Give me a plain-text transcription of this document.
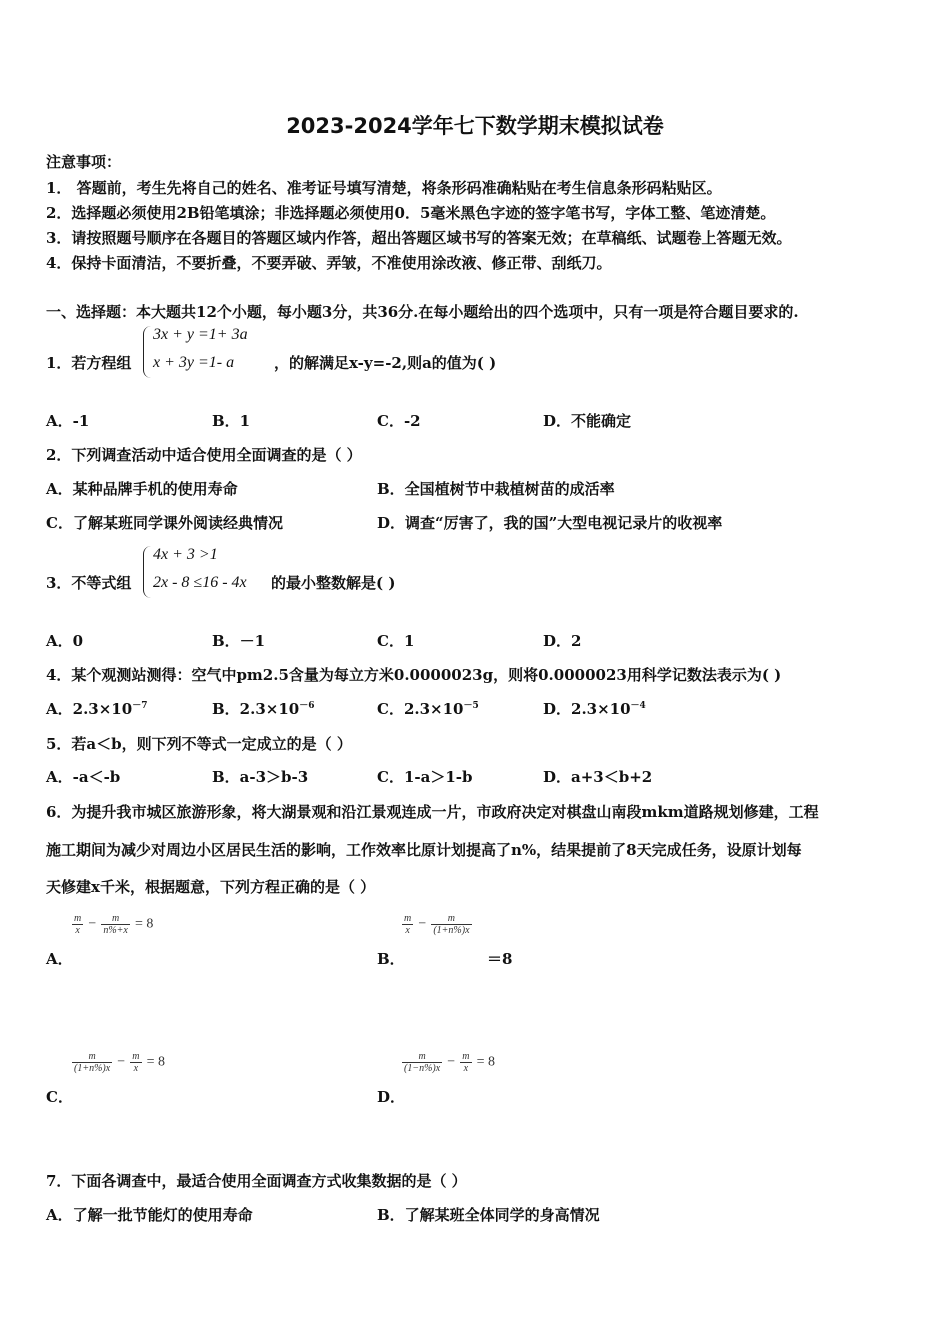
2023-2024学年七下数学期末模拟试卷
注意事项：
1． 答题前，考生先将自己的姓名、准考证号填写清楚，将条形码准确粘贴在考生信息条形码粘贴区。
2．选择题必须使用2B铅笔填涂；非选择题必须使用0．5毫米黑色字迹的签字笔书写，字体工整、笔迹清楚。
3．请按照题号顺序在各题目的答题区域内作答，超出答题区域书写的答案无效；在草稿纸、试题卷上答题无效。
4．保持卡面清洁，不要折叠，不要弄破、弄皱，不准使用涂改液、修正带、刮纸刀。
一、选择题：本大题共12个小题，每小题3分，共36分.在每小题给出的四个选项中，只有一项是符合题目要求的.
1．若方程组
3x + y =1+ 3a
x + 3y =1- a	，的解满足x-y=-2,则a的值为( )
A．-1	B．1	C．-2	D．不能确定
2．下列调查活动中适合使用全面调查的是（ ）
A．某种品牌手机的使用寿命	B．全国植树节中栽植树苗的成活率
C．了解某班同学课外阅读经典情况	D．调查“厉害了，我的国”大型电视记录片的收视率
3．不等式组
4x + 3 >1
2x - 8 ≤16 - 4x 的最小整数解是( )
A．0	B．－1	C．1	D．2
4．某个观测站测得：空气中pm2.5含量为每立方米0.0000023g，则将0.0000023用科学记数法表示为( )
A．$2.3\times 10^{-7}$	B．$2.3\times 10^{-6}$	C．$2.3\times 10^{-5}$	D．$2.3\times 10^{-4}$
5．若a＜b，则下列不等式一定成立的是（ ）
A．-a＜-b	B．a-3＞b-3	C．1-a＞1-b	D．a+3＜b+2
6．为提升我市城区旅游形象，将大湖景观和沿江景观连成一片，市政府决定对棋盘山南段mkm道路规划修建，工程
施工期间为减少对周边小区居民生活的影响，工作效率比原计划提高了n%，结果提前了8天完成任务，设原计划每
天修建x千米，根据题意，下列方程正确的是（ ）
$\frac{m}{x} - \frac{m}{n\%+x} = 8$
A．
$\frac{m}{x} - \frac{m}{(1+n\%)x}$
B．	＝8
$\frac{m}{(1+n\%)x} - \frac{m}{x} = 8$
C．
$\frac{m}{(1-n\%)x} - \frac{m}{x} = 8$
D．
7．下面各调查中，最适合使用全面调查方式收集数据的是（ ）
A．了解一批节能灯的使用寿命	B．了解某班全体同学的身高情况
